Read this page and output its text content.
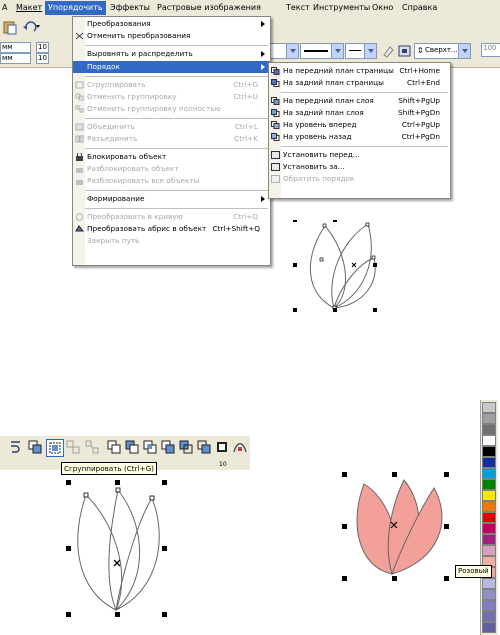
А Макет Упорядочить Эффекты Растровые изображения	Текст Инструменты Окно Справка
мм
мм
10
10
⇕ Сверхт...	100
Преобразования
Отменить преобразования
Выровнять и распределить
Порядок
Сгруппировать	Ctrl+G
Отменить группировку	Ctrl+U
Отменить группировку полностью
Объединить	Ctrl+L
Разъединить	Ctrl+K
Блокировать объект
Разблокировать объект
Разблокировать все объекты
Формирование
Преобразовать в кривую	Ctrl+Q
Преобразовать абрис в объект Ctrl+Shift+Q
Закрыть путь
На передний план страницы Ctrl+Home
На задний план страницы	Ctrl+End
На передний план слоя	Shift+PgUp
На задний план слоя	Shift+PgDn
На уровень вперед	Ctrl+PgUp
На уровень назад	Ctrl+PgDn
Установить перед...
Установить за...
Обратить порядок
Сгруппировать (Ctrl+G)	10
Розовый
